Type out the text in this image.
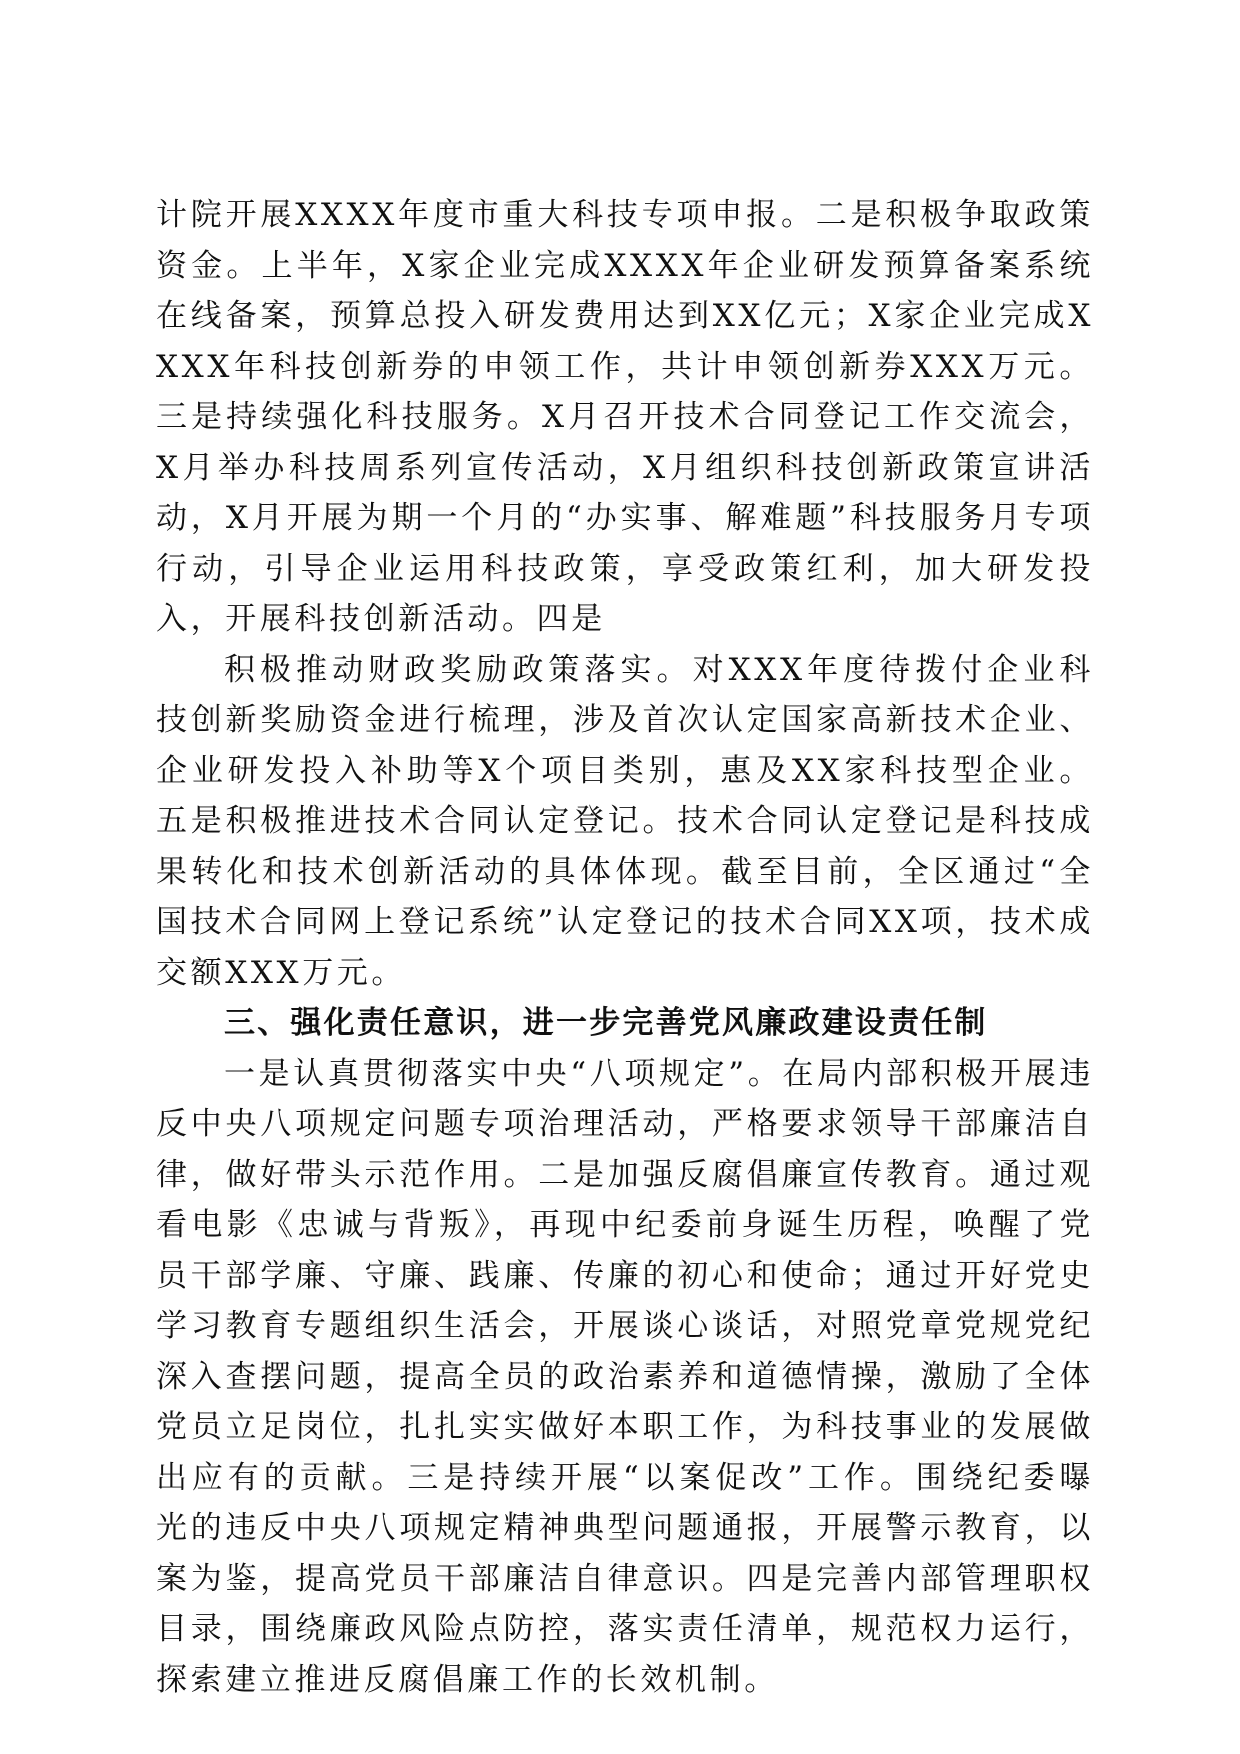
计院开展XXXX年度市重大科技专项申报。二是积极争取政策资金。上半年，X家企业完成XXXX年企业研发预算备案系统在线备案，预算总投入研发费用达到XX亿元；X家企业完成XXXX年科技创新券的申领工作，共计申领创新券XXX万元。三是持续强化科技服务。X月召开技术合同登记工作交流会，X月举办科技周系列宣传活动，X月组织科技创新政策宣讲活动，X月开展为期一个月的“办实事、解难题”科技服务月专项行动，引导企业运用科技政策，享受政策红利，加大研发投入，开展科技创新活动。四是

积极推动财政奖励政策落实。对XXX年度待拨付企业科技创新奖励资金进行梳理，涉及首次认定国家高新技术企业、企业研发投入补助等X个项目类别，惠及XX家科技型企业。五是积极推进技术合同认定登记。技术合同认定登记是科技成果转化和技术创新活动的具体体现。截至目前，全区通过“全国技术合同网上登记系统”认定登记的技术合同XX项，技术成交额XXX万元。

三、强化责任意识，进一步完善党风廉政建设责任制

一是认真贯彻落实中央“八项规定”。在局内部积极开展违反中央八项规定问题专项治理活动，严格要求领导干部廉洁自律，做好带头示范作用。二是加强反腐倡廉宣传教育。通过观看电影《忠诚与背叛》，再现中纪委前身诞生历程，唤醒了党员干部学廉、守廉、践廉、传廉的初心和使命；通过开好党史学习教育专题组织生活会，开展谈心谈话，对照党章党规党纪深入查摆问题，提高全员的政治素养和道德情操，激励了全体党员立足岗位，扎扎实实做好本职工作，为科技事业的发展做出应有的贡献。三是持续开展“以案促改”工作。围绕纪委曝光的违反中央八项规定精神典型问题通报，开展警示教育，以案为鉴，提高党员干部廉洁自律意识。四是完善内部管理职权目录，围绕廉政风险点防控，落实责任清单，规范权力运行，探索建立推进反腐倡廉工作的长效机制。
